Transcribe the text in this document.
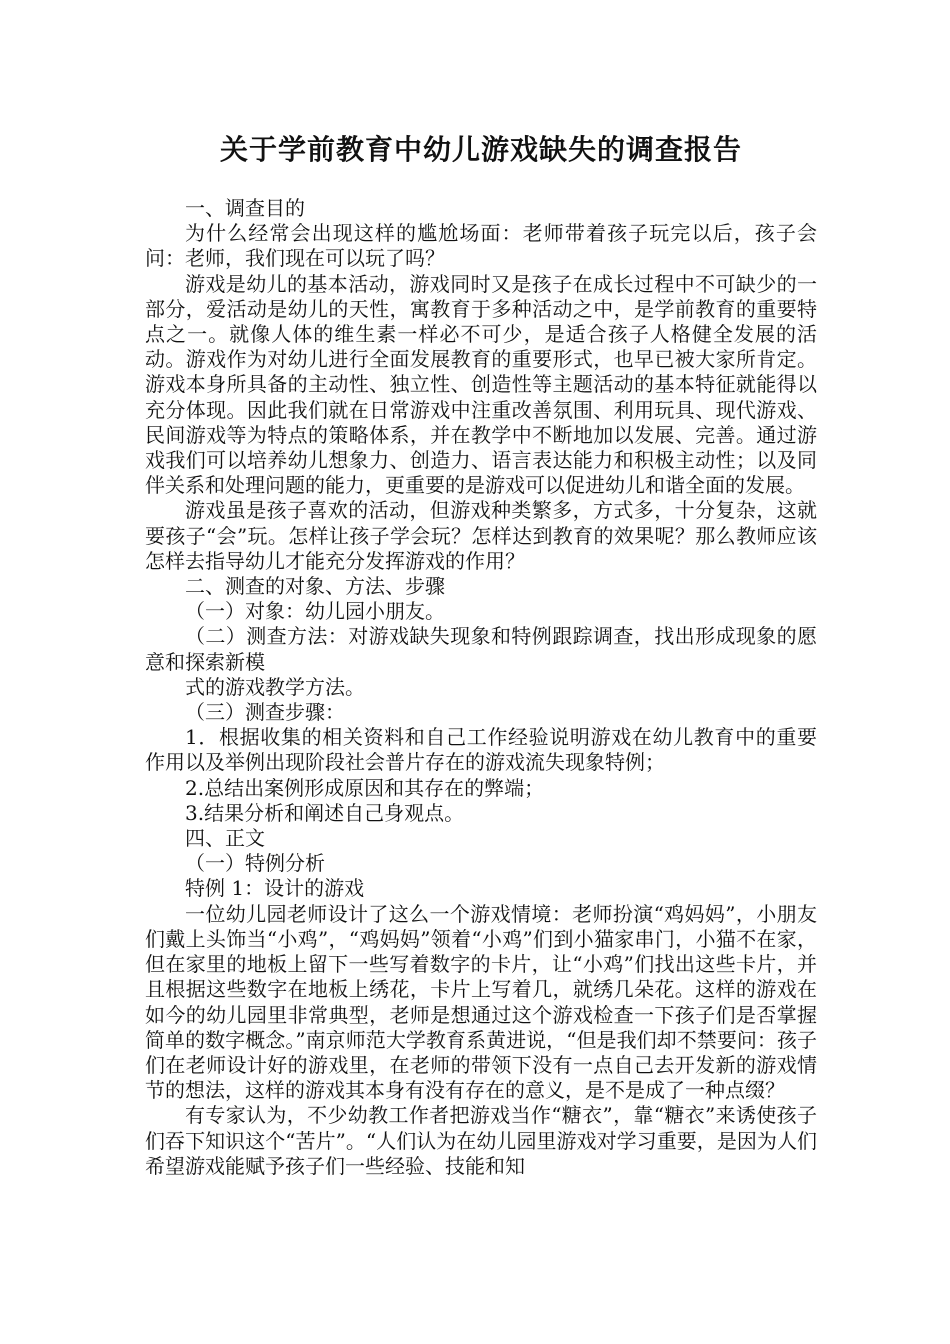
关于学前教育中幼儿游戏缺失的调查报告

一、调查目的

为什么经常会出现这样的尴尬场面：老师带着孩子玩完以后，孩子会问：老师，我们现在可以玩了吗？

游戏是幼儿的基本活动，游戏同时又是孩子在成长过程中不可缺少的一部分，爱活动是幼儿的天性，寓教育于多种活动之中，是学前教育的重要特点之一。就像人体的维生素一样必不可少，是适合孩子人格健全发展的活动。游戏作为对幼儿进行全面发展教育的重要形式，也早已被大家所肯定。游戏本身所具备的主动性、独立性、创造性等主题活动的基本特征就能得以充分体现。因此我们就在日常游戏中注重改善氛围、利用玩具、现代游戏、民间游戏等为特点的策略体系，并在教学中不断地加以发展、完善。通过游戏我们可以培养幼儿想象力、创造力、语言表达能力和积极主动性；以及同伴关系和处理问题的能力，更重要的是游戏可以促进幼儿和谐全面的发展。

游戏虽是孩子喜欢的活动，但游戏种类繁多，方式多，十分复杂，这就要孩子“会”玩。怎样让孩子学会玩？怎样达到教育的效果呢？那么教师应该怎样去指导幼儿才能充分发挥游戏的作用？

二、测查的对象、方法、步骤

（一）对象：幼儿园小朋友。

（二）测查方法：对游戏缺失现象和特例跟踪调查，找出形成现象的愿意和探索新模

式的游戏教学方法。

（三）测查步骤：

1．根据收集的相关资料和自己工作经验说明游戏在幼儿教育中的重要作用以及举例出现阶段社会普片存在的游戏流失现象特例；

2.总结出案例形成原因和其存在的弊端；

3.结果分析和阐述自己身观点。

四、正文

（一）特例分析

特例 1：设计的游戏

一位幼儿园老师设计了这么一个游戏情境：老师扮演“鸡妈妈”，小朋友们戴上头饰当“小鸡”，“鸡妈妈”领着“小鸡”们到小猫家串门，小猫不在家，但在家里的地板上留下一些写着数字的卡片，让“小鸡”们找出这些卡片，并且根据这些数字在地板上绣花，卡片上写着几，就绣几朵花。这样的游戏在如今的幼儿园里非常典型，老师是想通过这个游戏检查一下孩子们是否掌握简单的数字概念。”南京师范大学教育系黄进说，“但是我们却不禁要问：孩子们在老师设计好的游戏里，在老师的带领下没有一点自己去开发新的游戏情节的想法，这样的游戏其本身有没有存在的意义，是不是成了一种点缀？

有专家认为，不少幼教工作者把游戏当作“糖衣”，靠“糖衣”来诱使孩子们吞下知识这个“苦片”。“人们认为在幼儿园里游戏对学习重要，是因为人们希望游戏能赋予孩子们一些经验、技能和知
